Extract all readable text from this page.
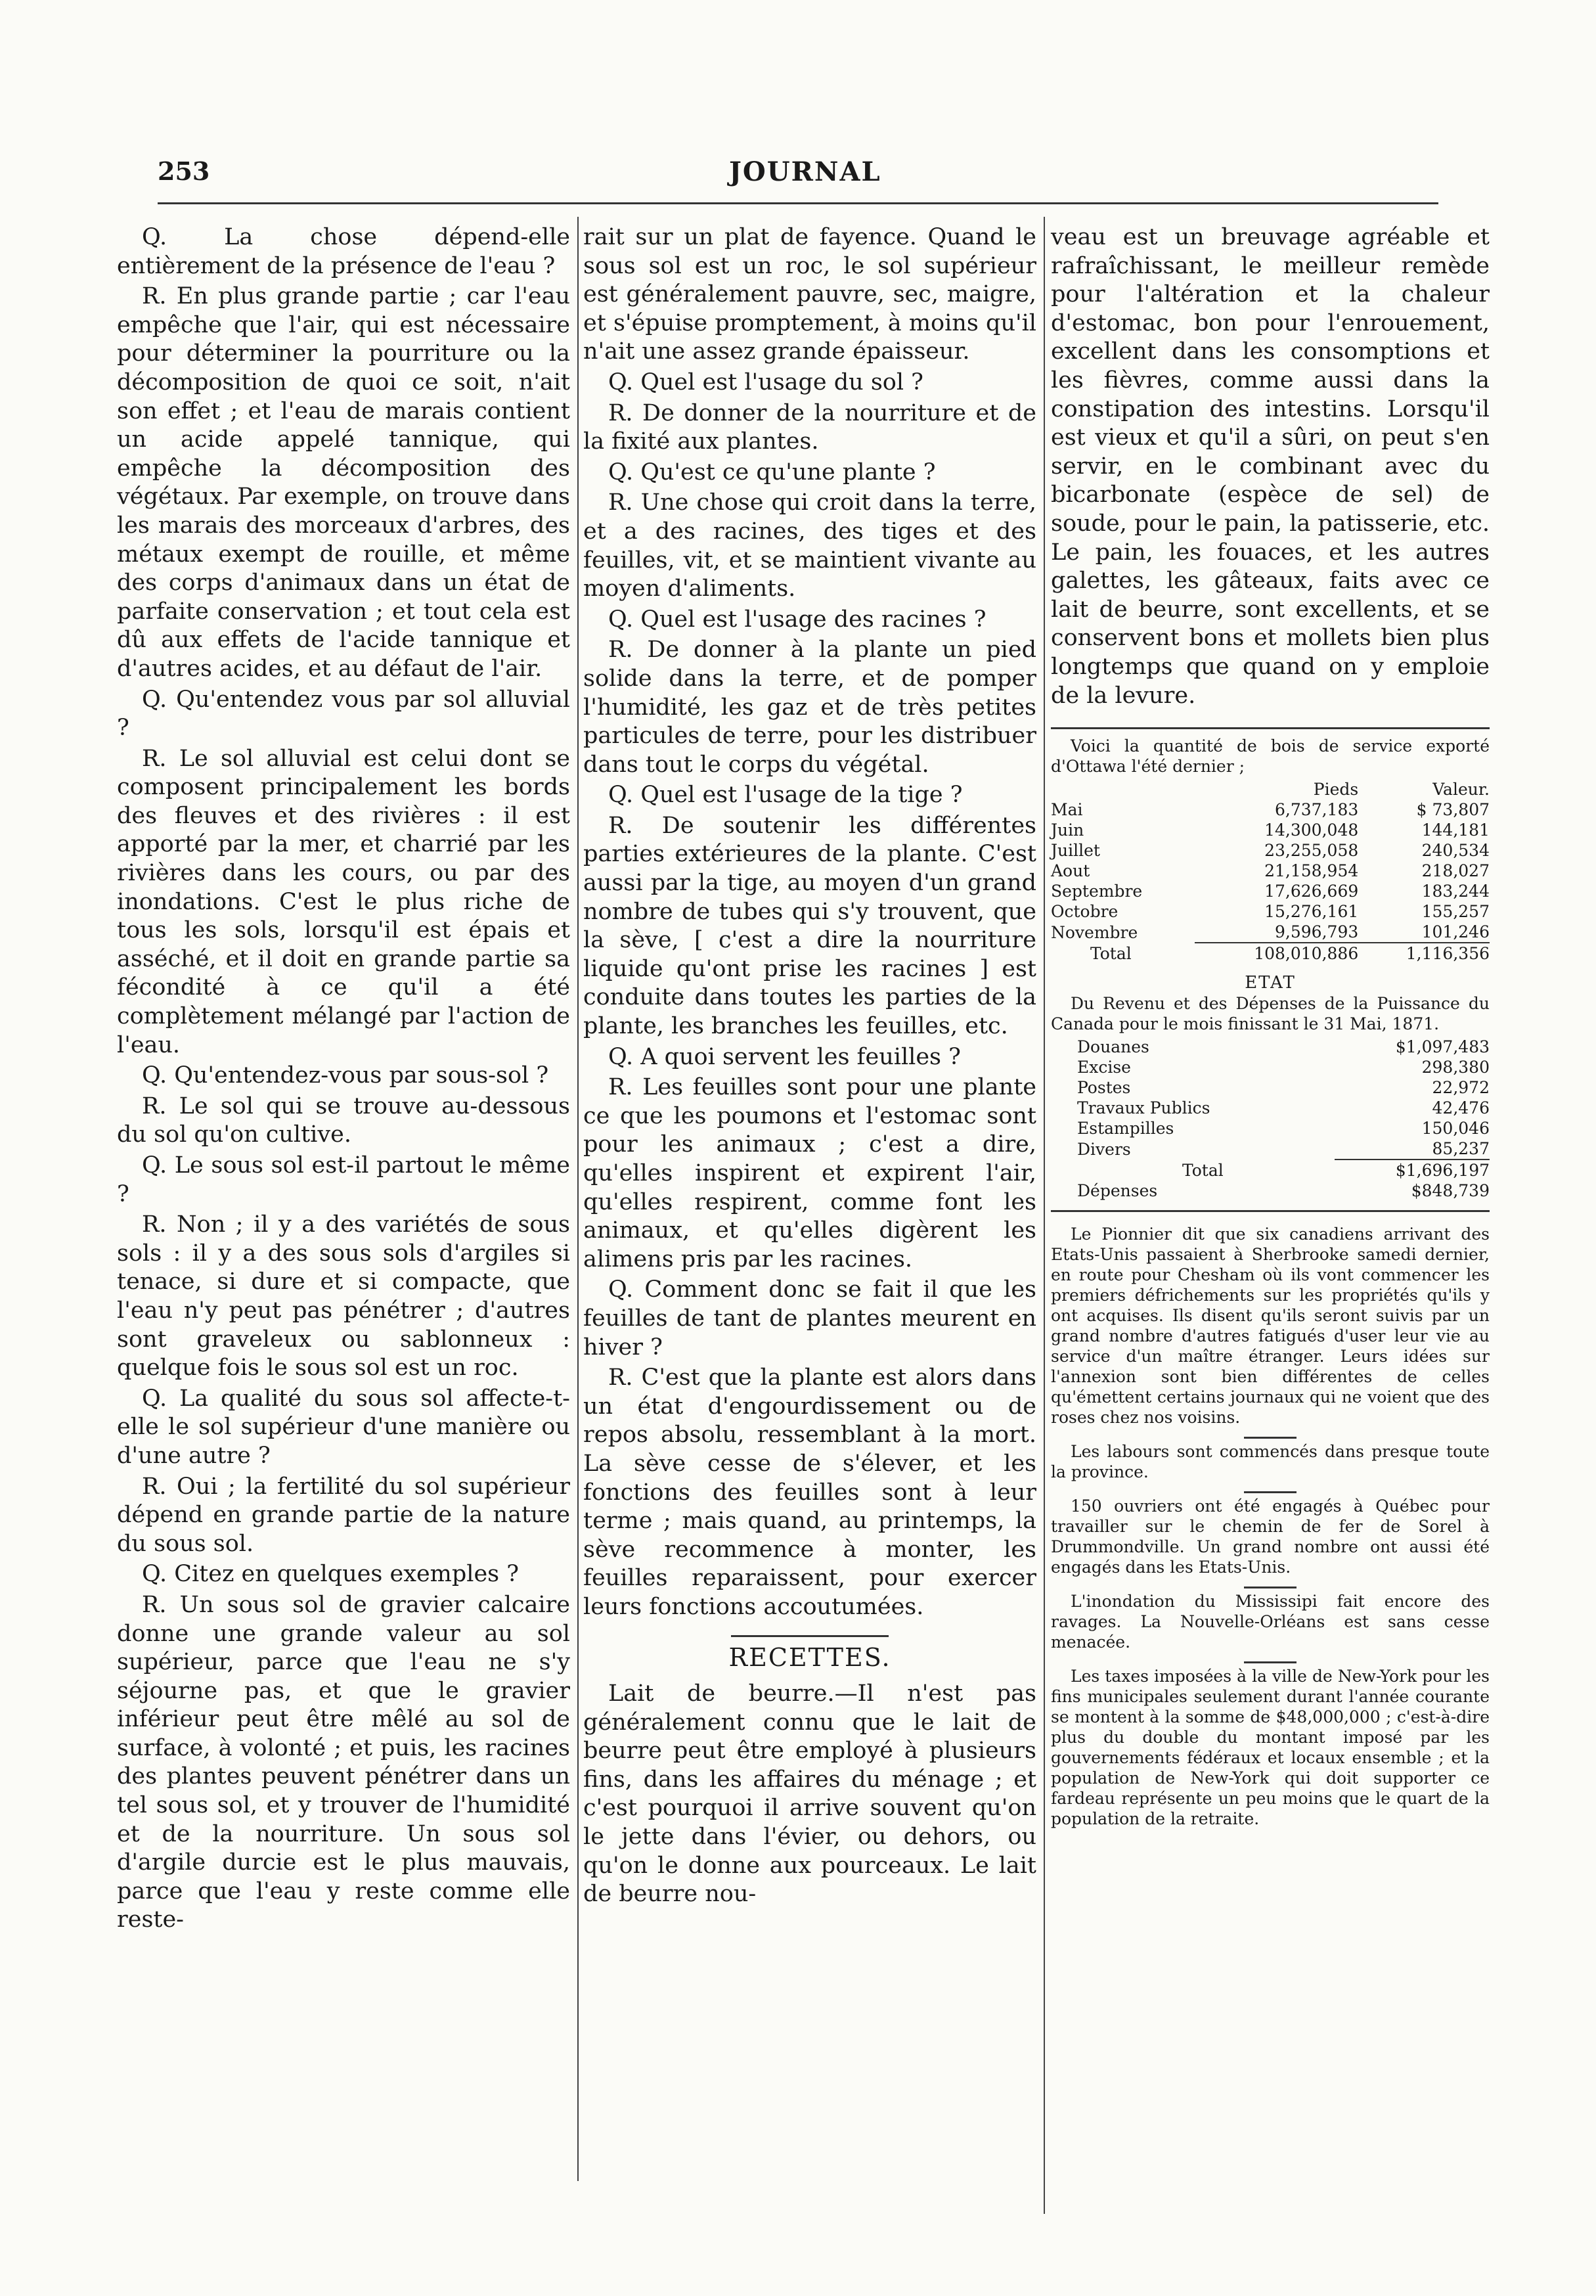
253	JOURNAL

Q. La chose dépend-elle entièrement de la présence de l'eau ?

R. En plus grande partie ; car l'eau empêche que l'air, qui est nécessaire pour déterminer la pourriture ou la décomposition de quoi ce soit, n'ait son effet ; et l'eau de marais contient un acide appelé tannique, qui empêche la décomposition des végétaux. Par exemple, on trouve dans les marais des morceaux d'arbres, des métaux exempt de rouille, et même des corps d'animaux dans un état de parfaite conservation ; et tout cela est dû aux effets de l'acide tannique et d'autres acides, et au défaut de l'air.

Q. Qu'entendez vous par sol alluvial ?

R. Le sol alluvial est celui dont se composent principalement les bords des fleuves et des rivières : il est apporté par la mer, et charrié par les rivières dans les cours, ou par des inondations. C'est le plus riche de tous les sols, lorsqu'il est épais et asséché, et il doit en grande partie sa fécondité à ce qu'il a été complètement mélangé par l'action de l'eau.

Q. Qu'entendez-vous par sous-sol ?

R. Le sol qui se trouve au-dessous du sol qu'on cultive.

Q. Le sous sol est-il partout le même ?

R. Non ; il y a des variétés de sous sols : il y a des sous sols d'argiles si tenace, si dure et si compacte, que l'eau n'y peut pas pénétrer ; d'autres sont graveleux ou sablonneux : quelque fois le sous sol est un roc.

Q. La qualité du sous sol affecte-t-elle le sol supérieur d'une manière ou d'une autre ?

R. Oui ; la fertilité du sol supérieur dépend en grande partie de la nature du sous sol.

Q. Citez en quelques exemples ?

R. Un sous sol de gravier calcaire donne une grande valeur au sol supérieur, parce que l'eau ne s'y séjourne pas, et que le gravier inférieur peut être mêlé au sol de surface, à volonté ; et puis, les racines des plantes peuvent pénétrer dans un tel sous sol, et y trouver de l'humidité et de la nourriture. Un sous sol d'argile durcie est le plus mauvais, parce que l'eau y reste comme elle reste-

rait sur un plat de fayence. Quand le sous sol est un roc, le sol supérieur est généralement pauvre, sec, maigre, et s'épuise promptement, à moins qu'il n'ait une assez grande épaisseur.

Q. Quel est l'usage du sol ?

R. De donner de la nourriture et de la fixité aux plantes.

Q. Qu'est ce qu'une plante ?

R. Une chose qui croit dans la terre, et a des racines, des tiges et des feuilles, vit, et se maintient vivante au moyen d'aliments.

Q. Quel est l'usage des racines ?

R. De donner à la plante un pied solide dans la terre, et de pomper l'humidité, les gaz et de très petites particules de terre, pour les distribuer dans tout le corps du végétal.

Q. Quel est l'usage de la tige ?

R. De soutenir les différentes parties extérieures de la plante. C'est aussi par la tige, au moyen d'un grand nombre de tubes qui s'y trouvent, que la sève, [ c'est a dire la nourriture liquide qu'ont prise les racines ] est conduite dans toutes les parties de la plante, les branches les feuilles, etc.

Q. A quoi servent les feuilles ?

R. Les feuilles sont pour une plante ce que les poumons et l'estomac sont pour les animaux ; c'est a dire, qu'elles inspirent et expirent l'air, qu'elles respirent, comme font les animaux, et qu'elles digèrent les alimens pris par les racines.

Q. Comment donc se fait il que les feuilles de tant de plantes meurent en hiver ?

R. C'est que la plante est alors dans un état d'engourdissement ou de repos absolu, ressemblant à la mort. La sève cesse de s'élever, et les fonctions des feuilles sont à leur terme ; mais quand, au printemps, la sève recommence à monter, les feuilles reparaissent, pour exercer leurs fonctions accoutumées.

RECETTES.

Lait de beurre.—Il n'est pas généralement connu que le lait de beurre peut être employé à plusieurs fins, dans les affaires du ménage ; et c'est pourquoi il arrive souvent qu'on le jette dans l'évier, ou dehors, ou qu'on le donne aux pourceaux. Le lait de beurre nou-

veau est un breuvage agréable et rafraîchissant, le meilleur remède pour l'altération et la chaleur d'estomac, bon pour l'enrouement, excellent dans les consomptions et les fièvres, comme aussi dans la constipation des intestins. Lorsqu'il est vieux et qu'il a sûri, on peut s'en servir, en le combinant avec du bicarbonate (espèce de sel) de soude, pour le pain, la patisserie, etc. Le pain, les fouaces, et les autres galettes, les gâteaux, faits avec ce lait de beurre, sont excellents, et se conservent bons et mollets bien plus longtemps que quand on y emploie de la levure.

Voici la quantité de bois de service exporté d'Ottawa l'été dernier ;

	Pieds	Valeur.
Mai	6,737,183	$ 73,807
Juin	14,300,048	144,181
Juillet	23,255,058	240,534
Aout	21,158,954	218,027
Septembre	17,626,669	183,244
Octobre	15,276,161	155,257
Novembre	9,596,793	101,246
Total	108,010,886	1,116,356
ETAT

Du Revenu et des Dépenses de la Puissance du Canada pour le mois finissant le 31 Mai, 1871.

Douanes	$1,097,483
Excise	298,380
Postes	22,972
Travaux Publics	42,476
Estampilles	150,046
Divers	85,237
Total	$1,696,197
Dépenses	$848,739

Le Pionnier dit que six canadiens arrivant des Etats-Unis passaient à Sherbrooke samedi dernier, en route pour Chesham où ils vont commencer les premiers défrichements sur les propriétés qu'ils y ont acquises. Ils disent qu'ils seront suivis par un grand nombre d'autres fatigués d'user leur vie au service d'un maître étranger. Leurs idées sur l'annexion sont bien différentes de celles qu'émettent certains journaux qui ne voient que des roses chez nos voisins.

Les labours sont commencés dans presque toute la province.

150 ouvriers ont été engagés à Québec pour travailler sur le chemin de fer de Sorel à Drummondville. Un grand nombre ont aussi été engagés dans les Etats-Unis.

L'inondation du Mississipi fait encore des ravages. La Nouvelle-Orléans est sans cesse menacée.

Les taxes imposées à la ville de New-York pour les fins municipales seulement durant l'année courante se montent à la somme de $48,000,000 ; c'est-à-dire plus du double du montant imposé par les gouvernements fédéraux et locaux ensemble ; et la population de New-York qui doit supporter ce fardeau représente un peu moins que le quart de la population de la retraite.
